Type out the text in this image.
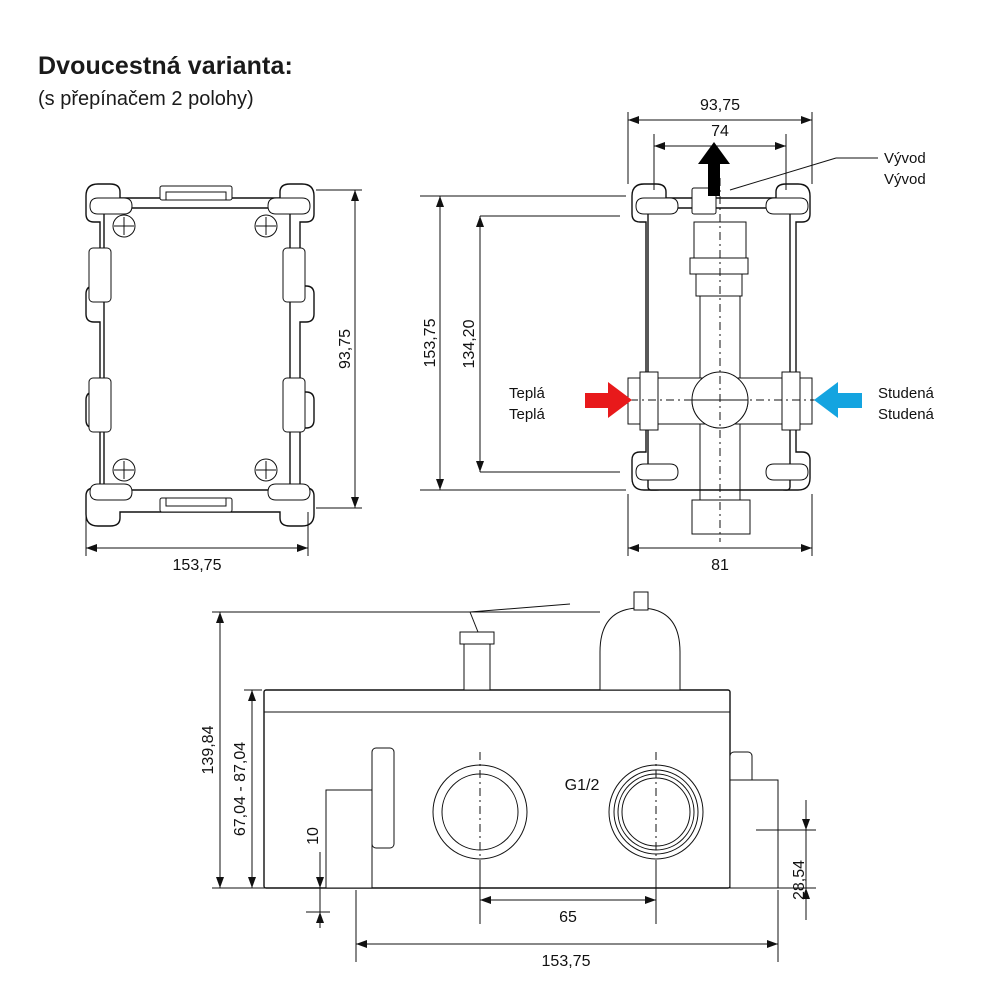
Dvoucestná varianta:
(s přepínačem 2 polohy)
93,75
153,75
93,75
74
153,75 134,20
81
Vývod
Vývod
Teplá
Teplá
Studená
Studená
G1/2
139,84 67,04 - 87,04	10
28,54
65
153,75
